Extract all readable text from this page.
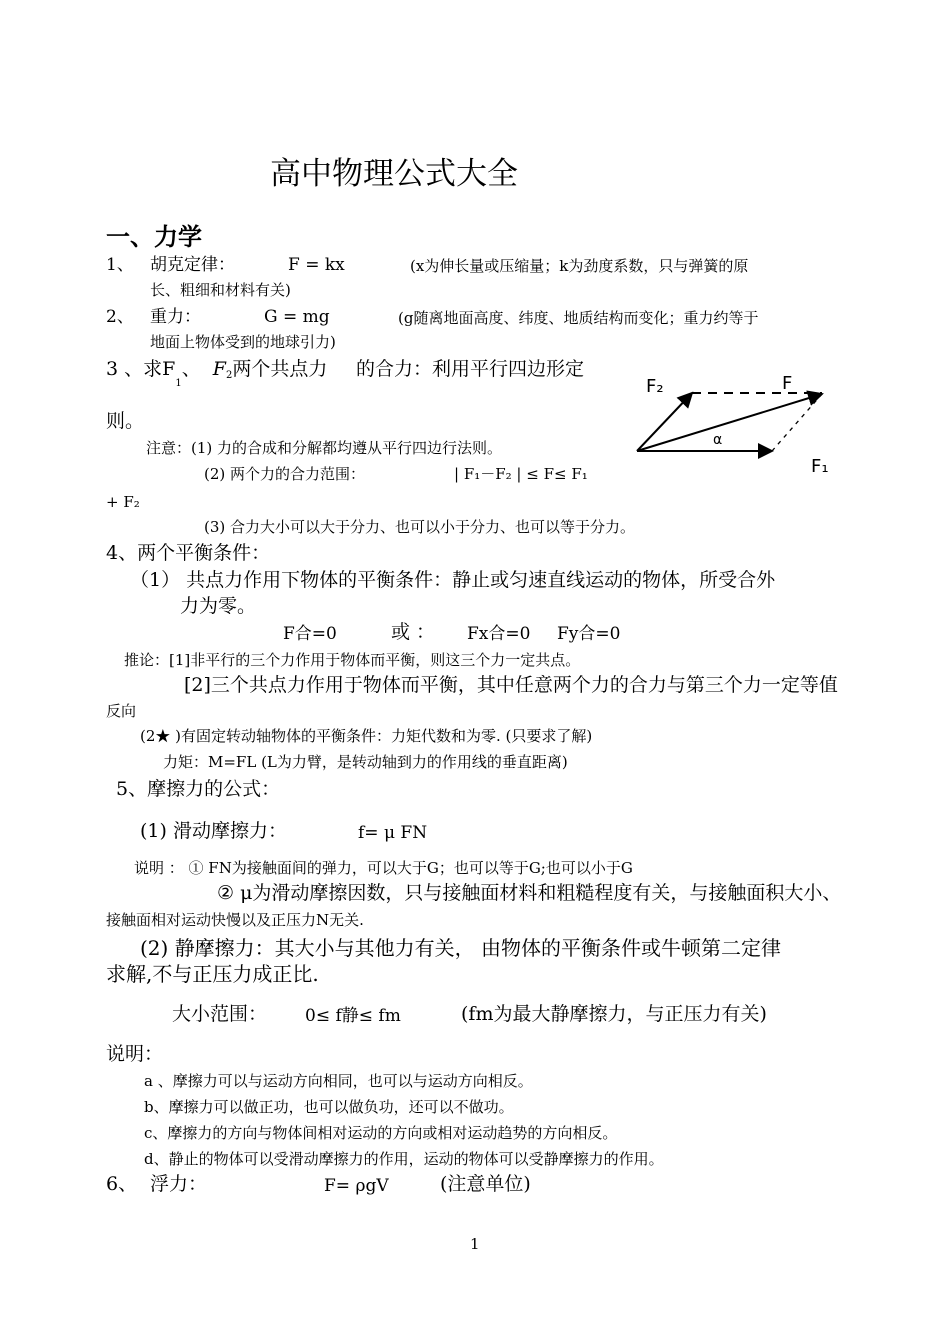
高中物理公式大全
一、力学
1、 胡克定律：	F = kx	(x为伸长量或压缩量；k为劲度系数，只与弹簧的原
长、粗细和材料有关)
2、 重力：	G = mg	(g随离地面高度、纬度、地质结构而变化；重力约等于
地面上物体受到的地球引力)
3 、求$F_1$、 $F_2$两个共点力 的合力：利用平行四边形定
则。
注意：(1) 力的合成和分解都均遵从平行四边行法则。
(2) 两个力的合力范围：	| F₁－F₂ | ≤ F≤ F₁
+ F₂
(3) 合力大小可以大于分力、也可以小于分力、也可以等于分力。
F₂	F
α
F₁
4、两个平衡条件：
（1） 共点力作用下物体的平衡条件：静止或匀速直线运动的物体，所受合外
力为零。
F合=0	或 ： Fx合=0 Fy合=0
推论：[1]非平行的三个力作用于物体而平衡，则这三个力一定共点。
[2]三个共点力作用于物体而平衡，其中任意两个力的合力与第三个力一定等值
反向
(2★ )有固定转动轴物体的平衡条件：力矩代数和为零. (只要求了解)
力矩：M=FL (L为力臂，是转动轴到力的作用线的垂直距离)
5、摩擦力的公式：
(1) 滑动摩擦力：	f= μ FN
说明 ： ① FN为接触面间的弹力，可以大于G；也可以等于G;也可以小于G
② μ为滑动摩擦因数，只与接触面材料和粗糙程度有关，与接触面积大小、
接触面相对运动快慢以及正压力N无关.
(2) 静摩擦力：其大小与其他力有关， 由物体的平衡条件或牛顿第二定律
求解,不与正压力成正比.
大小范围： 0≤ f静≤ fm	(fm为最大静摩擦力，与正压力有关)
说明：
a 、摩擦力可以与运动方向相同，也可以与运动方向相反。
b、摩擦力可以做正功，也可以做负功，还可以不做功。
c、摩擦力的方向与物体间相对运动的方向或相对运动趋势的方向相反。
d、静止的物体可以受滑动摩擦力的作用，运动的物体可以受静摩擦力的作用。
6、 浮力：	F= ρgV	(注意单位)
1
